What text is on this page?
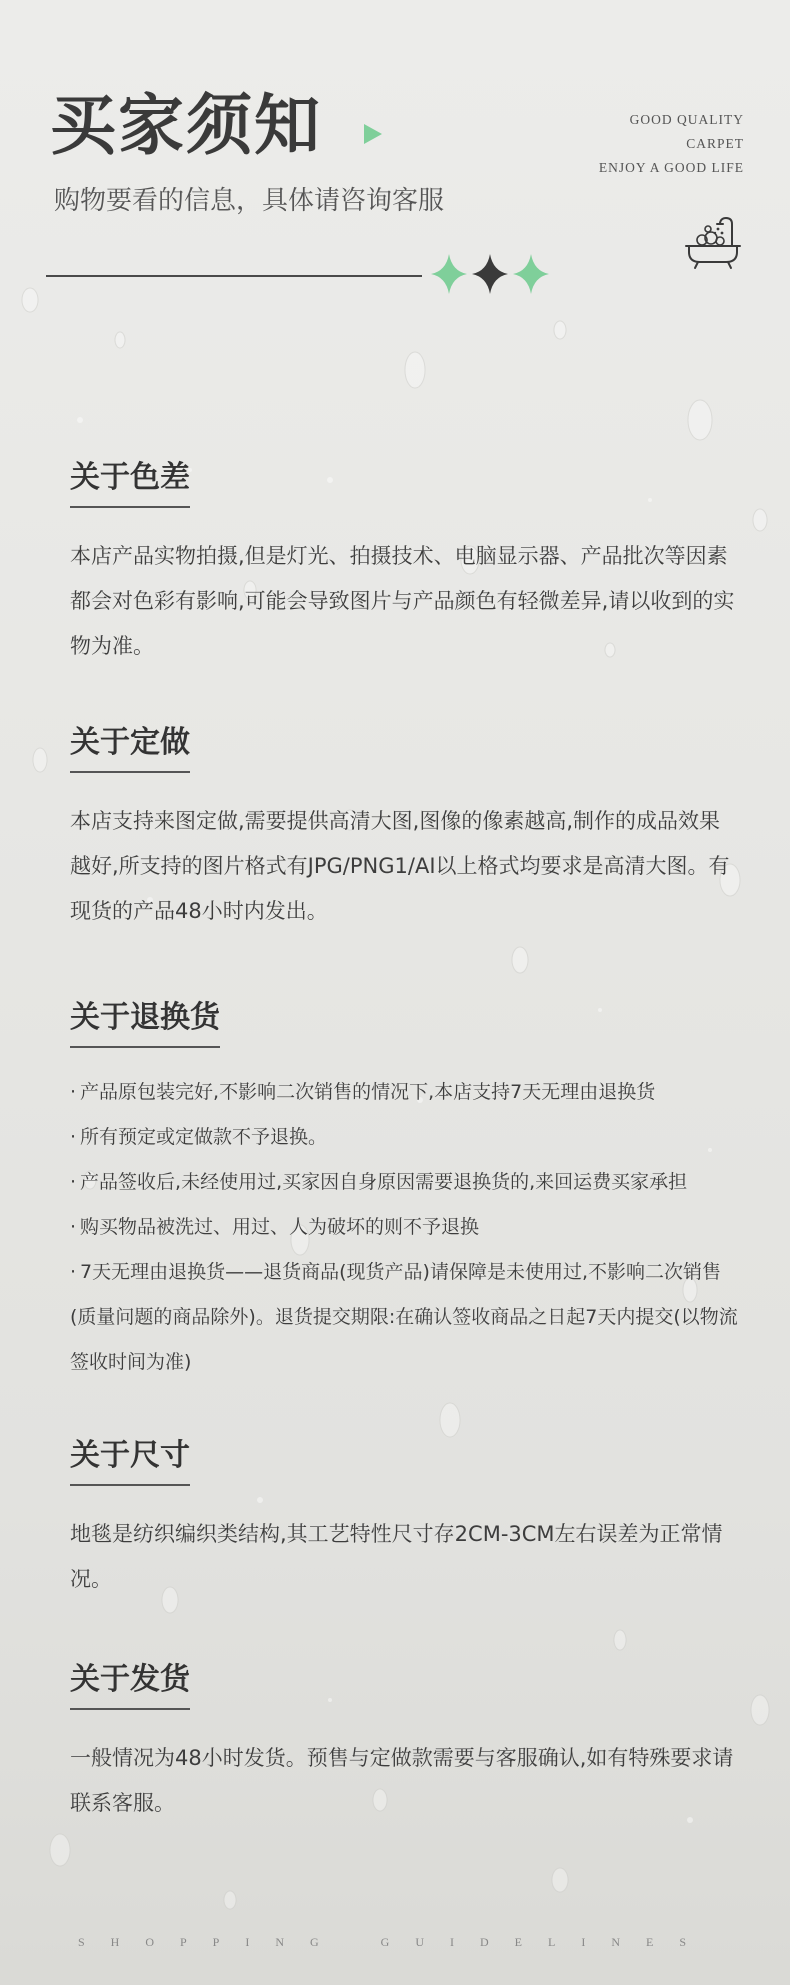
买家须知

购物要看的信息，具体请咨询客服

GOOD QUALITY
CARPET
ENJOY A GOOD LIFE
关于色差

本店产品实物拍摄,但是灯光、拍摄技术、电脑显示器、产品批次等因素都会对色彩有影响,可能会导致图片与产品颜色有轻微差异,请以收到的实物为准。

关于定做

本店支持来图定做,需要提供高清大图,图像的像素越高,制作的成品效果越好,所支持的图片格式有JPG/PNG1/AI以上格式均要求是高清大图。有现货的产品48小时内发出。

关于退换货
· 产品原包装完好,不影响二次销售的情况下,本店支持7天无理由退换货
· 所有预定或定做款不予退换。
· 产品签收后,未经使用过,买家因自身原因需要退换货的,来回运费买家承担
· 购买物品被洗过、用过、人为破坏的则不予退换
· 7天无理由退换货——退货商品(现货产品)请保障是未使用过,不影响二次销售(质量问题的商品除外)。退货提交期限:在确认签收商品之日起7天内提交(以物流签收时间为准)
关于尺寸

地毯是纺织编织类结构,其工艺特性尺寸存2CM-3CM左右误差为正常情况。

关于发货

一般情况为48小时发货。预售与定做款需要与客服确认,如有特殊要求请联系客服。

SHOPPING	GUIDELINES
